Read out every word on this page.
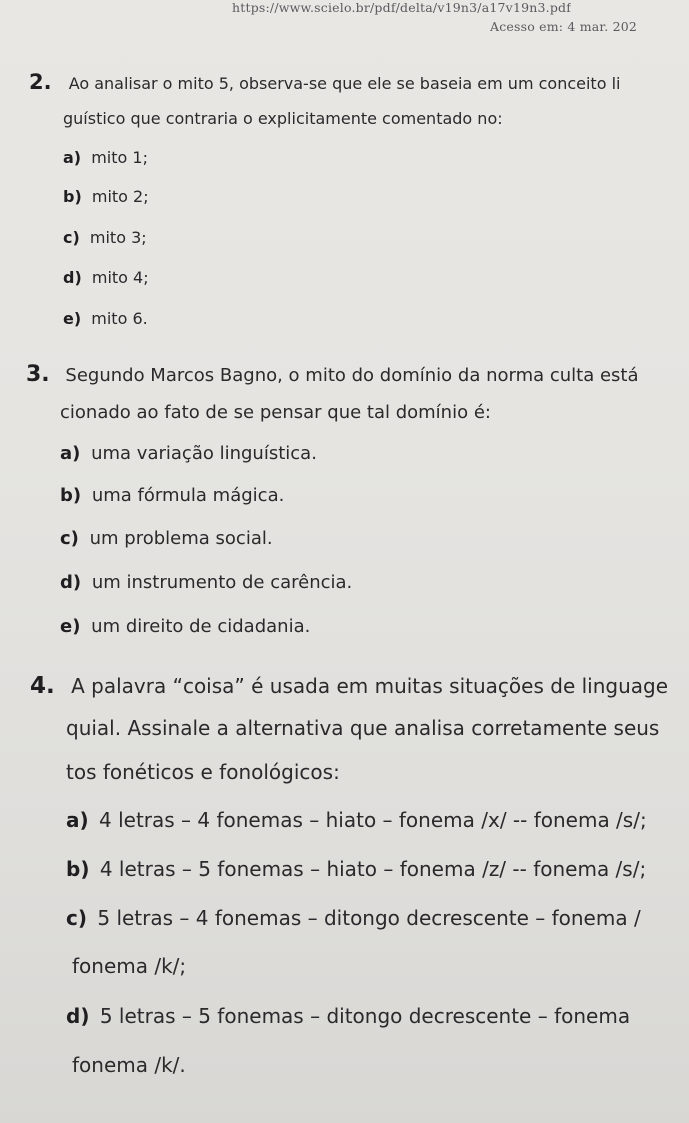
https://www.scielo.br/pdf/delta/v19n3/a17v19n3.pdf
Acesso em: 4 mar. 202
2. Ao analisar o mito 5, observa-se que ele se baseia em um conceito li
guístico que contraria o explicitamente comentado no:
a) mito 1;
b) mito 2;
c) mito 3;
d) mito 4;
e) mito 6.
3. Segundo Marcos Bagno, o mito do domínio da norma culta está
cionado ao fato de se pensar que tal domínio é:
a) uma variação linguística.
b) uma fórmula mágica.
c) um problema social.
d) um instrumento de carência.
e) um direito de cidadania.
4. A palavra “coisa” é usada em muitas situações de linguage
quial. Assinale a alternativa que analisa corretamente seus
tos fonéticos e fonológicos:
a) 4 letras – 4 fonemas – hiato – fonema /x/ -- fonema /s/;
b) 4 letras – 5 fonemas – hiato – fonema /z/ -- fonema /s/;
c) 5 letras – 4 fonemas – ditongo decrescente – fonema /
fonema /k/;
d) 5 letras – 5 fonemas – ditongo decrescente – fonema
fonema /k/.
